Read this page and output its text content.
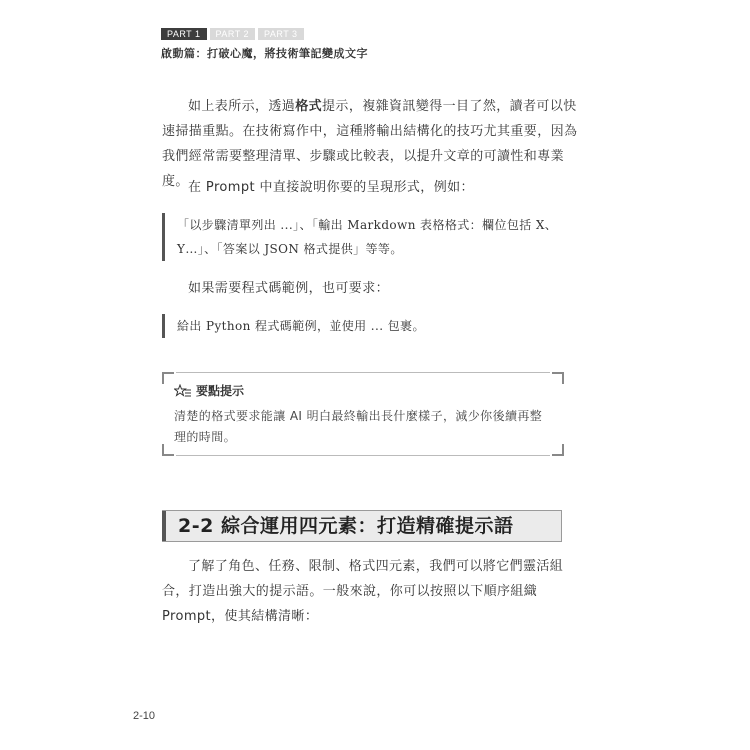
PART 1	PART 2	PART 3
啟動篇：打破心魔，將技術筆記變成文字
如上表所示，透過格式提示，複雜資訊變得一目了然，讀者可以快速掃描重點。在技術寫作中，這種將輸出結構化的技巧尤其重要，因為我們經常需要整理清單、步驟或比較表，以提升文章的可讀性和專業度。 在 Prompt 中直接說明你要的呈現形式，例如：
「以步驟清單列出 ...」、「輸出 Markdown 表格格式：欄位包括 X、Y…」、「答案以 JSON 格式提供」等等。
如果需要程式碼範例，也可要求：
給出 Python 程式碼範例，並使用 ... 包裹。
要點提示
清楚的格式要求能讓 AI 明白最終輸出長什麼樣子，減少你後續再整理的時間。
2-2 綜合運用四元素：打造精確提示語
了解了角色、任務、限制、格式四元素，我們可以將它們靈活組合，打造出強大的提示語。一般來說，你可以按照以下順序組織 Prompt，使其結構清晰：
2-10
